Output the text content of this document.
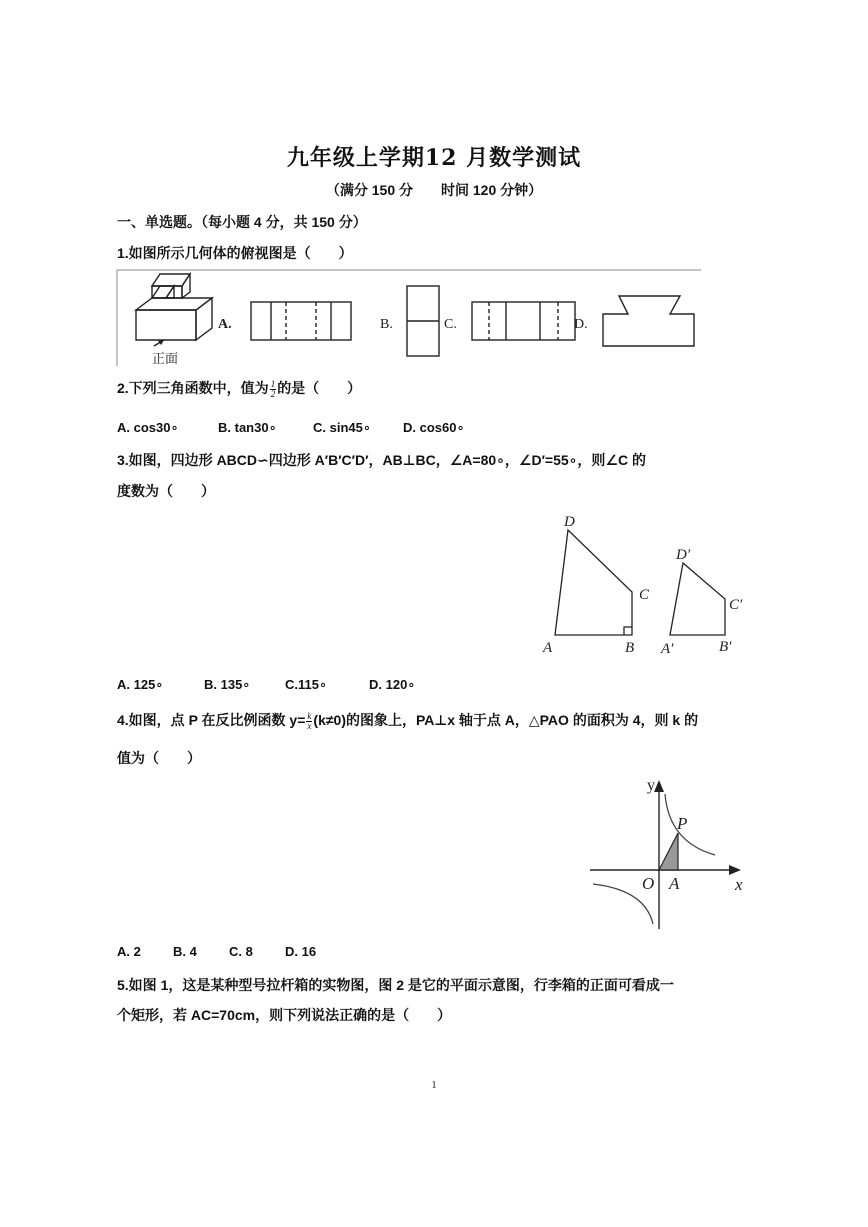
九年级上学期12 月数学测试
（满分 150 分　　时间 120 分钟）
一、单选题。（每小题 4 分，共 150 分）
1.如图所示几何体的俯视图是（　　）
正面
A.	B.	C.	D.
2.下列三角函数中，值为 $\frac{1}{2}$ 的是（　　）
A. cos30∘	B. tan30∘	C. sin45∘ D. cos60∘
3.如图，四边形 ABCD∽四边形 A′B′C′D′，AB⊥BC，∠A=80∘，∠D′=55∘，则∠C 的
度数为（　　）
D
C
A	B
D′
C′
A′	B′
A. 125∘	B. 135∘	C.115∘	D. 120∘
4.如图，点 P 在反比例函数 $y= \frac{k}{x} (k\ne 0)$的图象上，PA⊥x 轴于点 A，△PAO 的面积为 4，则 k 的
值为（　　）
y
x
P
O A
A. 2 B. 4 C. 8 D. 16
5.如图 1，这是某种型号拉杆箱的实物图，图 2 是它的平面示意图，行李箱的正面可看成一
个矩形，若 AC=70cm，则下列说法正确的是（　　）
1
